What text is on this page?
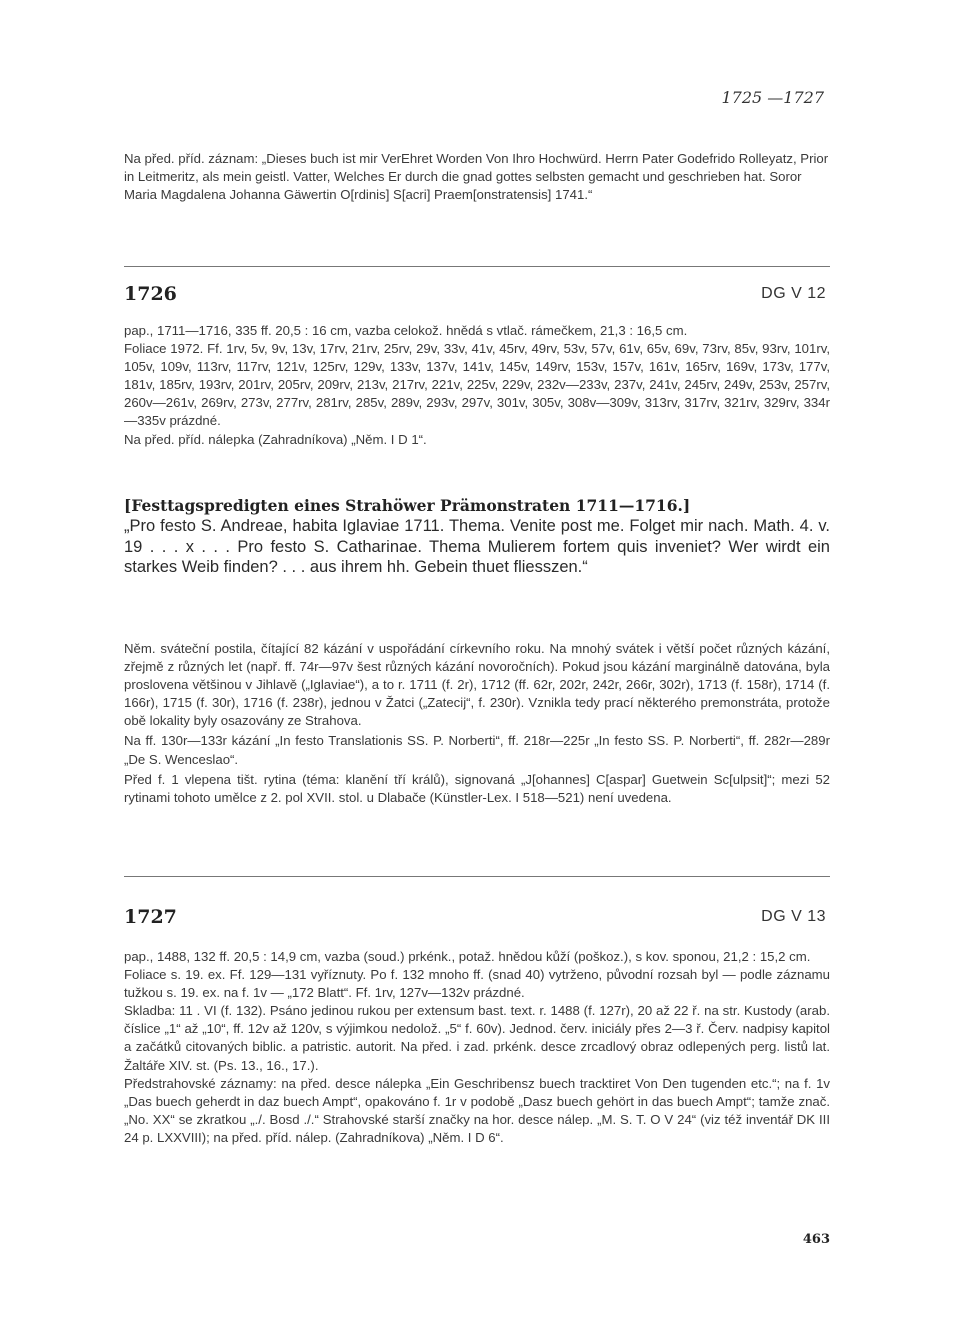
1725 —1727

Na před. příd. záznam: „Dieses buch ist mir VerEhret Worden Von Ihro Hochwürd. Herrn Pater Godefrido Rolleyatz, Prior in Leitmeritz, als mein geistl. Vatter, Welches Er durch die gnad gottes selbsten gemacht und geschrieben hat. Soror Maria Magdalena Johanna Gäwertin O[rdinis] S[acri] Praem[onstratensis] 1741.“

1726	DG V 12

pap., 1711—1716, 335 ff. 20,5 : 16 cm, vazba celokož. hnědá s vtlač. rámečkem, 21,3 : 16,5 cm.

Foliace 1972. Ff. 1rv, 5v, 9v, 13v, 17rv, 21rv, 25rv, 29v, 33v, 41v, 45rv, 49rv, 53v, 57v, 61v, 65v, 69v, 73rv, 85v, 93rv, 101rv, 105v, 109v, 113rv, 117rv, 121v, 125rv, 129v, 133v, 137v, 141v, 145v, 149rv, 153v, 157v, 161v, 165rv, 169v, 173v, 177v, 181v, 185rv, 193rv, 201rv, 205rv, 209rv, 213v, 217rv, 221v, 225v, 229v, 232v—233v, 237v, 241v, 245rv, 249v, 253v, 257rv, 260v—261v, 269rv, 273v, 277rv, 281rv, 285v, 289v, 293v, 297v, 301v, 305v, 308v—309v, 313rv, 317rv, 321rv, 329rv, 334r—335v prázdné.

Na před. příd. nálepka (Zahradníkova) „Něm. I D 1“.

[Festtagspredigten eines Strahöwer Prämonstraten 1711—1716.]

„Pro festo S. Andreae, habita Iglaviae 1711. Thema. Venite post me. Folget mir nach. Math. 4. v. 19 . . . x . . . Pro festo S. Catharinae. Thema Mulierem fortem quis inveniet? Wer wirdt ein starkes Weib finden? . . . aus ihrem hh. Gebein thuet fliesszen.“

Něm. sváteční postila, čítající 82 kázání v uspořádání církevního roku. Na mnohý svátek i větší počet různých kázání, zřejmě z různých let (např. ff. 74r—97v šest různých kázání novoročních). Pokud jsou kázání marginálně datována, byla proslovena většinou v Jihlavě („Iglaviae“), a to r. 1711 (f. 2r), 1712 (ff. 62r, 202r, 242r, 266r, 302r), 1713 (f. 158r), 1714 (f. 166r), 1715 (f. 30r), 1716 (f. 238r), jednou v Žatci („Zatecij“, f. 230r). Vznikla tedy prací některého premonstráta, protože obě lokality byly osazovány ze Strahova.

Na ff. 130r—133r kázání „In festo Translationis SS. P. Norberti“, ff. 218r—225r „In festo SS. P. Norberti“, ff. 282r—289r „De S. Wenceslao“.

Před f. 1 vlepena tišt. rytina (téma: klanění tří králů), signovaná „J[ohannes] C[aspar] Guetwein Sc[ulpsit]“; mezi 52 rytinami tohoto umělce z 2. pol XVII. stol. u Dlabače (Künstler-Lex. I 518—521) není uvedena.

1727	DG V 13

pap., 1488, 132 ff. 20,5 : 14,9 cm, vazba (soud.) prkénk., potaž. hnědou kůží (poškoz.), s kov. sponou, 21,2 : 15,2 cm.

Foliace s. 19. ex. Ff. 129—131 vyříznuty. Po f. 132 mnoho ff. (snad 40) vytrženo, původní rozsah byl — podle záznamu tužkou s. 19. ex. na f. 1v — „172 Blatt“. Ff. 1rv, 127v—132v prázdné.

Skladba: 11 . VI (f. 132). Psáno jedinou rukou per extensum bast. text. r. 1488 (f. 127r), 20 až 22 ř. na str. Kustody (arab. číslice „1“ až „10“, ff. 12v až 120v, s výjimkou nedolož. „5“ f. 60v). Jednod. červ. iniciály přes 2—3 ř. Červ. nadpisy kapitol a začátků citovaných biblic. a patristic. autorit. Na před. i zad. prkénk. desce zrcadlový obraz odlepených perg. listů lat. Žaltáře XIV. st. (Ps. 13., 16., 17.).

Předstrahovské záznamy: na před. desce nálepka „Ein Geschribensz buech tracktiret Von Den tugenden etc.“; na f. 1v „Das buech geherdt in daz buech Ampt“, opakováno f. 1r v podobě „Dasz buech gehört in das buech Ampt“; tamže znač. „No. XX“ se zkratkou „./. Bosd ./.“ Strahovské starší značky na hor. desce nálep. „M. S. T. O V 24“ (viz též inventář DK III 24 p. LXXVIII); na před. příd. nálep. (Zahradníkova) „Něm. I D 6“.

463
